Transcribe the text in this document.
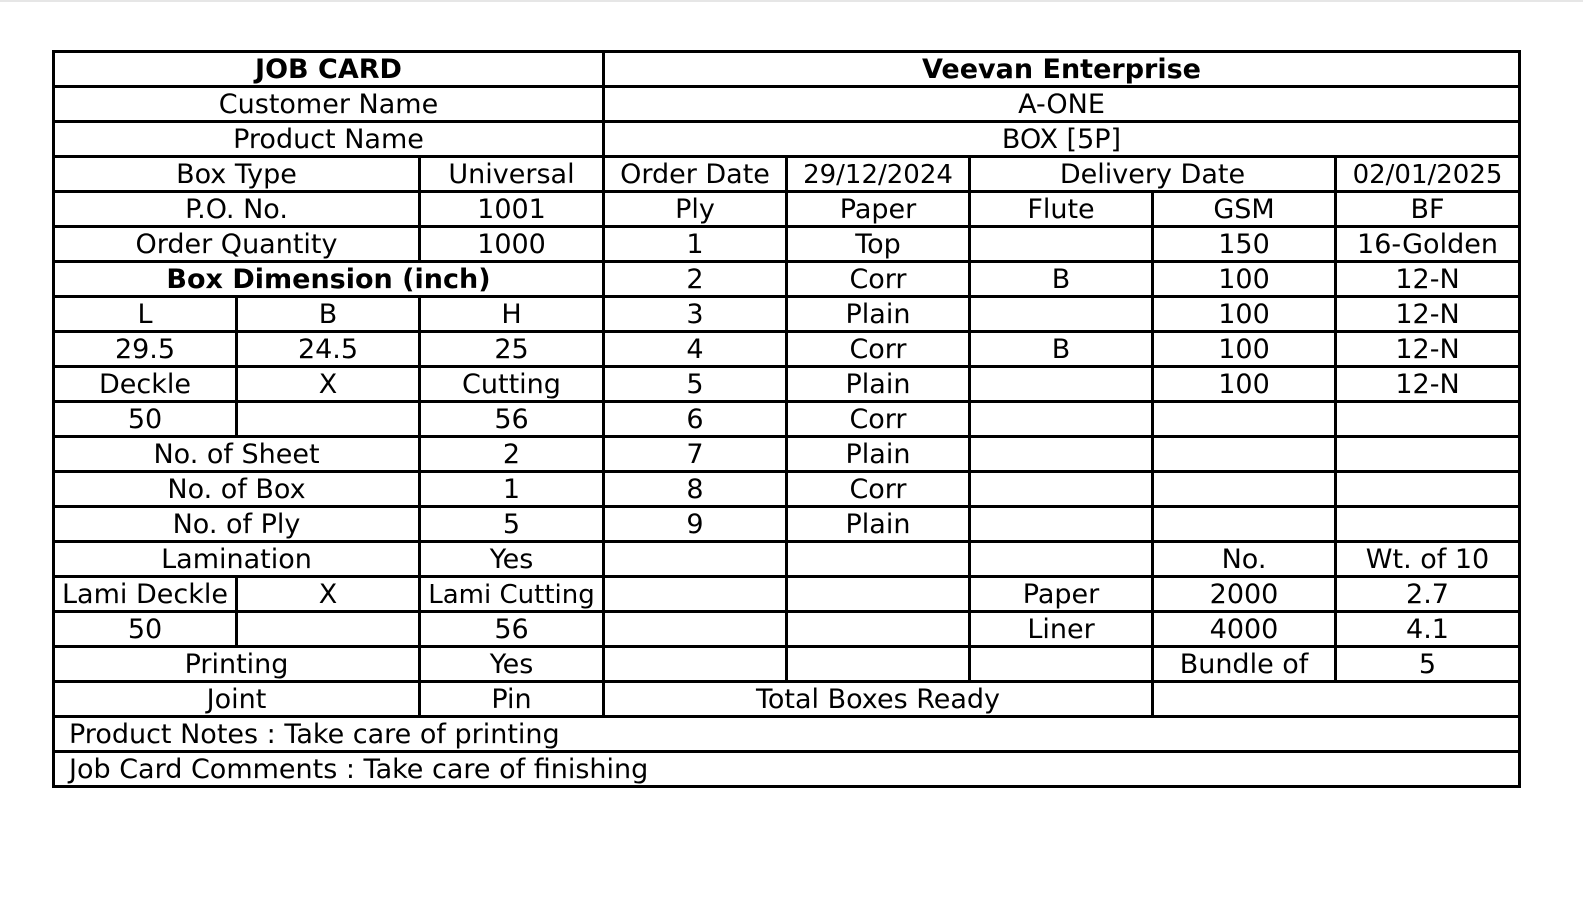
JOB CARD			Veevan Enterprise				
Customer Name			A-ONE				
Product Name			BOX [5P]				
Box Type		Universal	Order Date	29/12/2024	Delivery Date		02/01/2025
P.O. No.		1001	Ply	Paper	Flute	GSM	BF
Order Quantity		1000	1	Top		150	16-Golden
Box Dimension (inch)			2	Corr	B	100	12-N
L	B	H	3	Plain		100	12-N
29.5	24.5	25	4	Corr	B	100	12-N
Deckle	X	Cutting	5	Plain		100	12-N
50		56	6	Corr			
No. of Sheet		2	7	Plain			
No. of Box		1	8	Corr			
No. of Ply		5	9	Plain			
Lamination		Yes				No.	Wt. of 10
Lami Deckle	X	Lami Cutting			Paper	2000	2.7
50		56			Liner	4000	4.1
Printing		Yes				Bundle of	5
Joint		Pin	Total Boxes Ready				
Product Notes : Take care of printing							
Job Card Comments : Take care of finishing							
